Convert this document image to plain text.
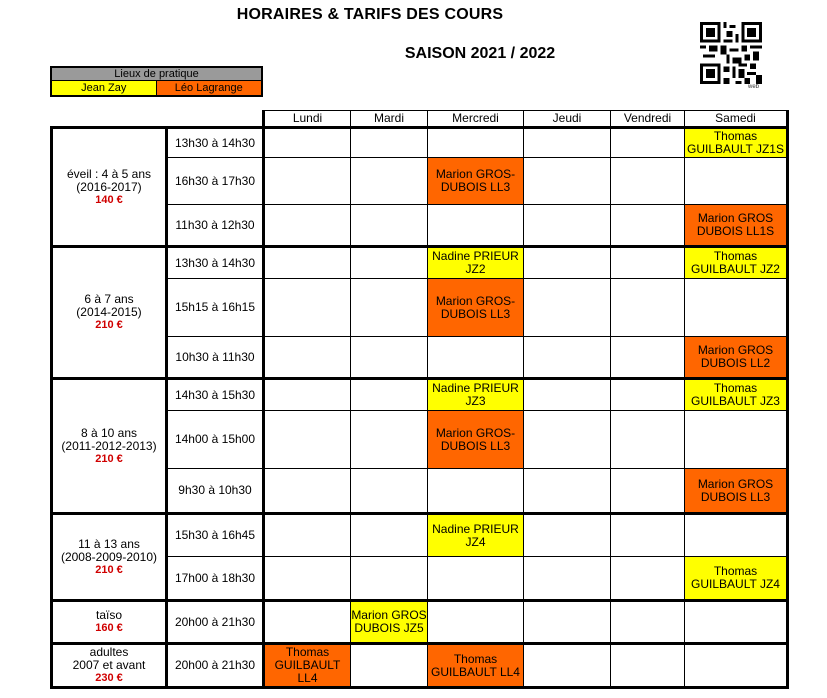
HORAIRES & TARIFS DES COURS
SAISON 2021 / 2022
web
Lieux de pratique
Jean Zay	Léo Lagrange
		Lundi	Mardi	Mercredi	Jeudi	Vendredi	Samedi

éveil : 4 à 5 ans
(2016-2017)
140 €	13h30 à 14h30						Thomas GUILBAULT JZ1S
	16h30 à 17h30			Marion GROS-DUBOIS LL3			
	11h30 à 12h30						Marion GROS DUBOIS LL1S

6 à 7 ans
(2014-2015)
210 €	13h30 à 14h30			Nadine PRIEUR JZ2			Thomas GUILBAULT JZ2
	15h15 à 16h15			Marion GROS-DUBOIS LL3			
	10h30 à 11h30						Marion GROS DUBOIS LL2

8 à 10 ans
(2011-2012-2013)
210 €	14h30 à 15h30			Nadine PRIEUR JZ3			Thomas GUILBAULT JZ3
	14h00 à 15h00			Marion GROS-DUBOIS LL3			
	9h30 à 10h30						Marion GROS DUBOIS LL3

11 à 13 ans
(2008-2009-2010)
210 €	15h30 à 16h45			Nadine PRIEUR JZ4			
	17h00 à 18h30						Thomas GUILBAULT JZ4

taïso
160 €	20h00 à 21h30		Marion GROS DUBOIS JZ5				

adultes
2007 et avant
230 €	20h00 à 21h30	Thomas GUILBAULT LL4		Thomas GUILBAULT LL4			
